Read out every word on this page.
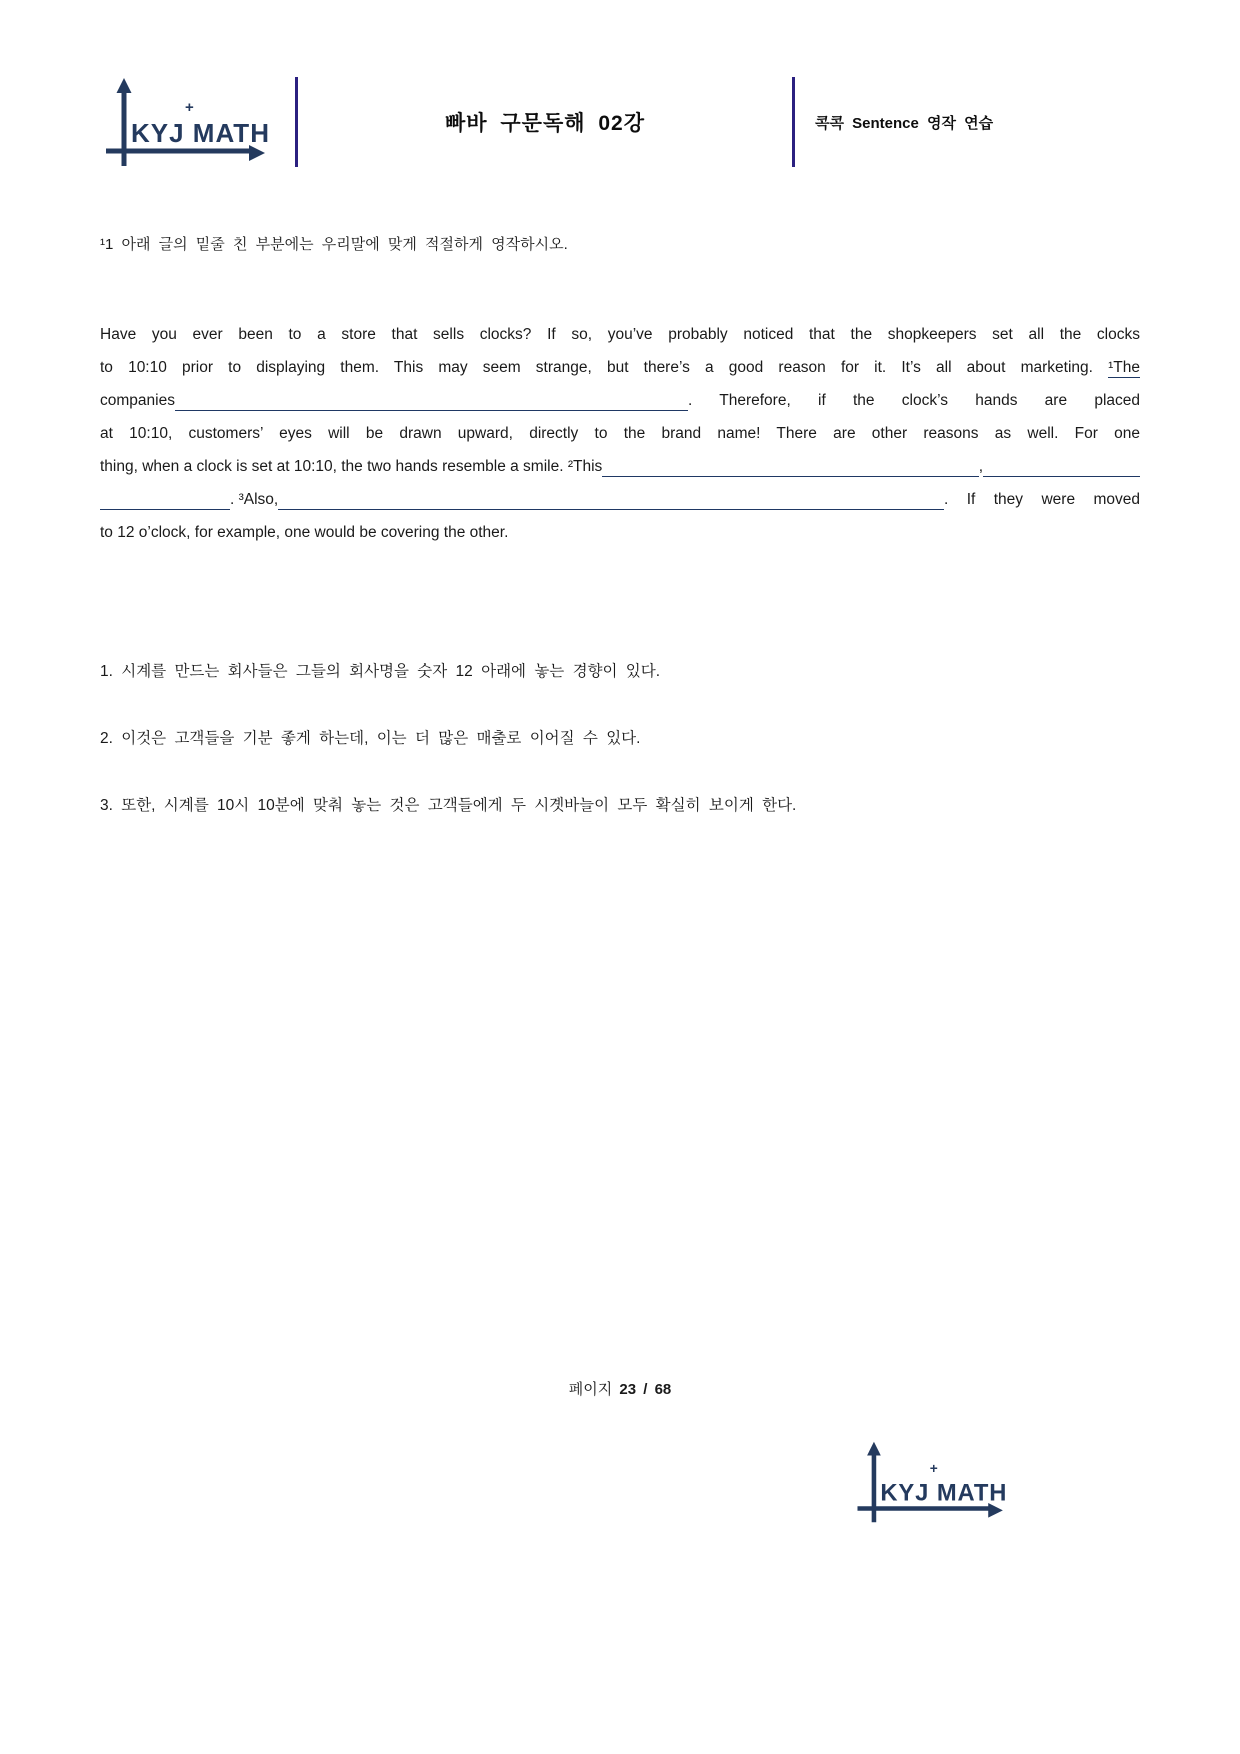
KYJ MATH
+
빠바 구문독해 02강	콕콕 Sentence 영작 연습
¹1 아래 글의 밑줄 친 부분에는 우리말에 맞게 적절하게 영작하시오.
Have you ever been to a store that sells clocks? If so, you’ve probably noticed that the shopkeepers set all the clocks
to 10:10 prior to displaying them. This may seem strange, but there’s a good reason for it. It’s all about marketing. ¹The
companies	. Therefore, if the clock’s hands are placed
at 10:10, customers’ eyes will be drawn upward, directly to the brand name! There are other reasons as well. For one
thing, when a clock is set at 10:10, the two hands resemble a smile. ²This	,
. ³Also,	. If they were moved
to 12 o’clock, for example, one would be covering the other.
1. 시계를 만드는 회사들은 그들의 회사명을 숫자 12 아래에 놓는 경향이 있다.
2. 이것은 고객들을 기분 좋게 하는데, 이는 더 많은 매출로 이어질 수 있다.
3. 또한, 시계를 10시 10분에 맞춰 놓는 것은 고객들에게 두 시곗바늘이 모두 확실히 보이게 한다.
페이지 23 / 68
KYJ MATH
+
